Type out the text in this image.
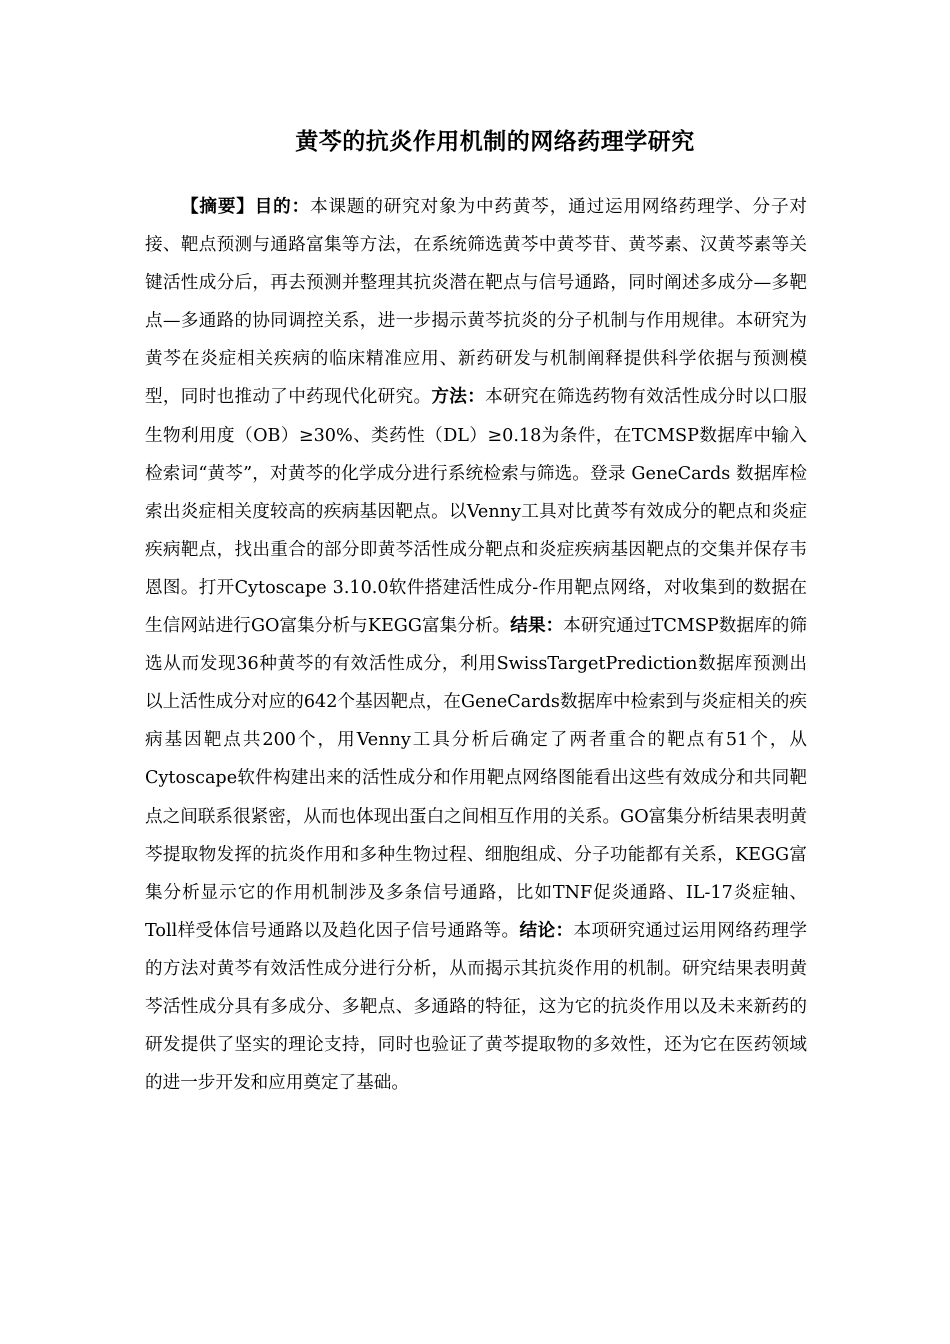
黄芩的抗炎作用机制的网络药理学研究

【摘要】目的：本课题的研究对象为中药黄芩，通过运用网络药理学、分子对接、靶点预测与通路富集等方法，在系统筛选黄芩中黄芩苷、黄芩素、汉黄芩素等关键活性成分后，再去预测并整理其抗炎潜在靶点与信号通路，同时阐述多成分—多靶点—多通路的协同调控关系，进一步揭示黄芩抗炎的分子机制与作用规律。本研究为黄芩在炎症相关疾病的临床精准应用、新药研发与机制阐释提供科学依据与预测模型，同时也推动了中药现代化研究。方法：本研究在筛选药物有效活性成分时以口服生物利用度（OB）≥30%、类药性（DL）≥0.18为条件，在TCMSP数据库中输入检索词“黄芩”，对黄芩的化学成分进行系统检索与筛选。登录 GeneCards 数据库检索出炎症相关度较高的疾病基因靶点。以Venny工具对比黄芩有效成分的靶点和炎症疾病靶点，找出重合的部分即黄芩活性成分靶点和炎症疾病基因靶点的交集并保存韦恩图。打开Cytoscape 3.10.0软件搭建活性成分-作用靶点网络，对收集到的数据在生信网站进行GO富集分析与KEGG富集分析。结果：本研究通过TCMSP数据库的筛选从而发现36种黄芩的有效活性成分，利用SwissTargetPrediction数据库预测出以上活性成分对应的642个基因靶点，在GeneCards数据库中检索到与炎症相关的疾病基因靶点共200个，用Venny工具分析后确定了两者重合的靶点有51个，从Cytoscape软件构建出来的活性成分和作用靶点网络图能看出这些有效成分和共同靶点之间联系很紧密，从而也体现出蛋白之间相互作用的关系。GO富集分析结果表明黄芩提取物发挥的抗炎作用和多种生物过程、细胞组成、分子功能都有关系，KEGG富集分析显示它的作用机制涉及多条信号通路，比如TNF促炎通路、IL-17炎症轴、Toll样受体信号通路以及趋化因子信号通路等。结论：本项研究通过运用网络药理学的方法对黄芩有效活性成分进行分析，从而揭示其抗炎作用的机制。研究结果表明黄芩活性成分具有多成分、多靶点、多通路的特征，这为它的抗炎作用以及未来新药的研发提供了坚实的理论支持，同时也验证了黄芩提取物的多效性，还为它在医药领域的进一步开发和应用奠定了基础。
